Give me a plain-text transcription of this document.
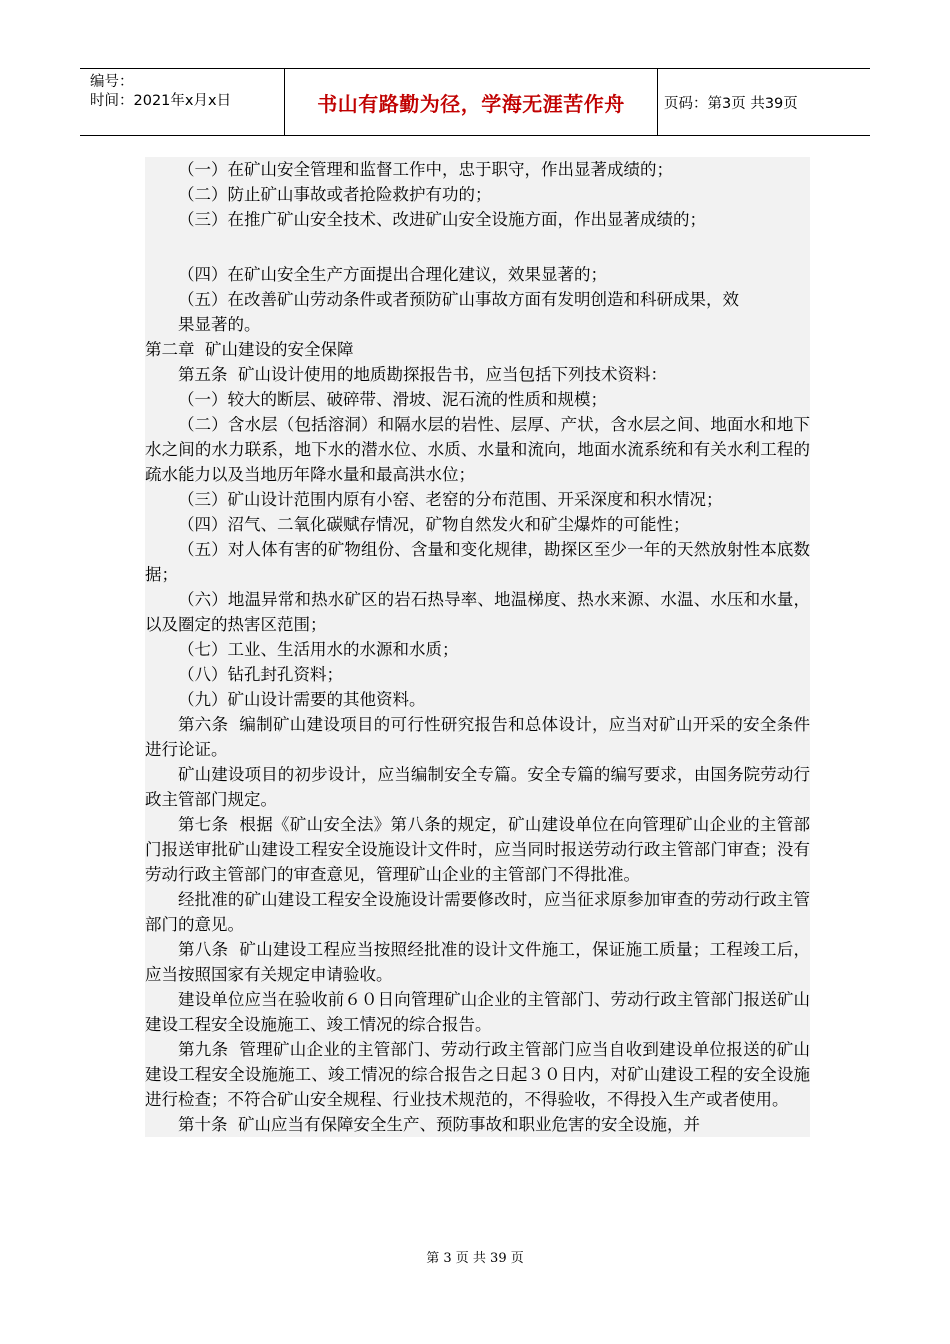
编号：
时间：2021年x月x日	书山有路勤为径，学海无涯苦作舟	页码：第3页 共39页

（一）在矿山安全管理和监督工作中，忠于职守，作出显著成绩的；

（二）防止矿山事故或者抢险救护有功的；

（三）在推广矿山安全技术、改进矿山安全设施方面，作出显著成绩的；

（四）在矿山安全生产方面提出合理化建议，效果显著的；

（五）在改善矿山劳动条件或者预防矿山事故方面有发明创造和科研成果，效

果显著的。

第二章  矿山建设的安全保障

第五条  矿山设计使用的地质勘探报告书，应当包括下列技术资料：

（一）较大的断层、破碎带、滑坡、泥石流的性质和规模；

（二）含水层（包括溶洞）和隔水层的岩性、层厚、产状，含水层之间、地面水和地下水之间的水力联系，地下水的潜水位、水质、水量和流向，地面水流系统和有关水利工程的疏水能力以及当地历年降水量和最高洪水位；

（三）矿山设计范围内原有小窑、老窑的分布范围、开采深度和积水情况；

（四）沼气、二氧化碳赋存情况，矿物自然发火和矿尘爆炸的可能性；

（五）对人体有害的矿物组份、含量和变化规律，勘探区至少一年的天然放射性本底数据；

（六）地温异常和热水矿区的岩石热导率、地温梯度、热水来源、水温、水压和水量，以及圈定的热害区范围；

（七）工业、生活用水的水源和水质；

（八）钻孔封孔资料；

（九）矿山设计需要的其他资料。

第六条  编制矿山建设项目的可行性研究报告和总体设计，应当对矿山开采的安全条件进行论证。

矿山建设项目的初步设计，应当编制安全专篇。安全专篇的编写要求，由国务院劳动行政主管部门规定。

第七条  根据《矿山安全法》第八条的规定，矿山建设单位在向管理矿山企业的主管部门报送审批矿山建设工程安全设施设计文件时，应当同时报送劳动行政主管部门审查；没有劳动行政主管部门的审查意见，管理矿山企业的主管部门不得批准。

经批准的矿山建设工程安全设施设计需要修改时，应当征求原参加审查的劳动行政主管部门的意见。

第八条  矿山建设工程应当按照经批准的设计文件施工，保证施工质量；工程竣工后，应当按照国家有关规定申请验收。

建设单位应当在验收前６０日向管理矿山企业的主管部门、劳动行政主管部门报送矿山建设工程安全设施施工、竣工情况的综合报告。

第九条  管理矿山企业的主管部门、劳动行政主管部门应当自收到建设单位报送的矿山建设工程安全设施施工、竣工情况的综合报告之日起３０日内，对矿山建设工程的安全设施进行检查；不符合矿山安全规程、行业技术规范的，不得验收，不得投入生产或者使用。

第十条  矿山应当有保障安全生产、预防事故和职业危害的安全设施，并

第 3 页 共 39 页
